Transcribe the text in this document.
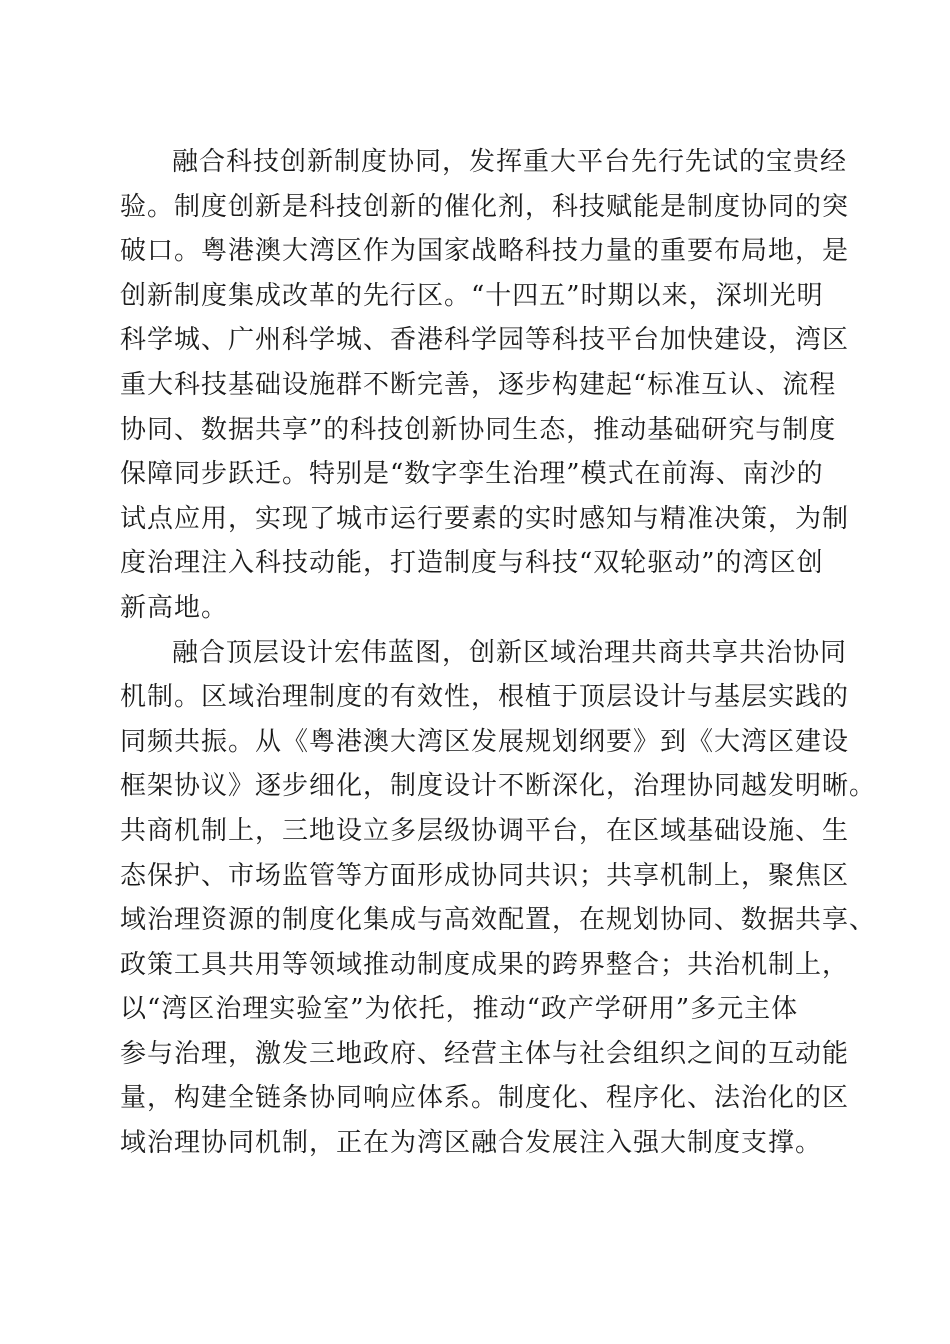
融合科技创新制度协同，发挥重大平台先行先试的宝贵经
验。制度创新是科技创新的催化剂，科技赋能是制度协同的突
破口。粤港澳大湾区作为国家战略科技力量的重要布局地，是
创新制度集成改革的先行区。“十四五”时期以来，深圳光明
科学城、广州科学城、香港科学园等科技平台加快建设，湾区
重大科技基础设施群不断完善，逐步构建起“标准互认、流程
协同、数据共享”的科技创新协同生态，推动基础研究与制度
保障同步跃迁。特别是“数字孪生治理”模式在前海、南沙的
试点应用，实现了城市运行要素的实时感知与精准决策，为制
度治理注入科技动能，打造制度与科技“双轮驱动”的湾区创
新高地。

融合顶层设计宏伟蓝图，创新区域治理共商共享共治协同
机制。区域治理制度的有效性，根植于顶层设计与基层实践的
同频共振。从《粤港澳大湾区发展规划纲要》到《大湾区建设
框架协议》逐步细化，制度设计不断深化，治理协同越发明晰。
共商机制上，三地设立多层级协调平台，在区域基础设施、生
态保护、市场监管等方面形成协同共识；共享机制上，聚焦区
域治理资源的制度化集成与高效配置，在规划协同、数据共享、
政策工具共用等领域推动制度成果的跨界整合；共治机制上，
以“湾区治理实验室”为依托，推动“政产学研用”多元主体
参与治理，激发三地政府、经营主体与社会组织之间的互动能
量，构建全链条协同响应体系。制度化、程序化、法治化的区
域治理协同机制，正在为湾区融合发展注入强大制度支撑。
